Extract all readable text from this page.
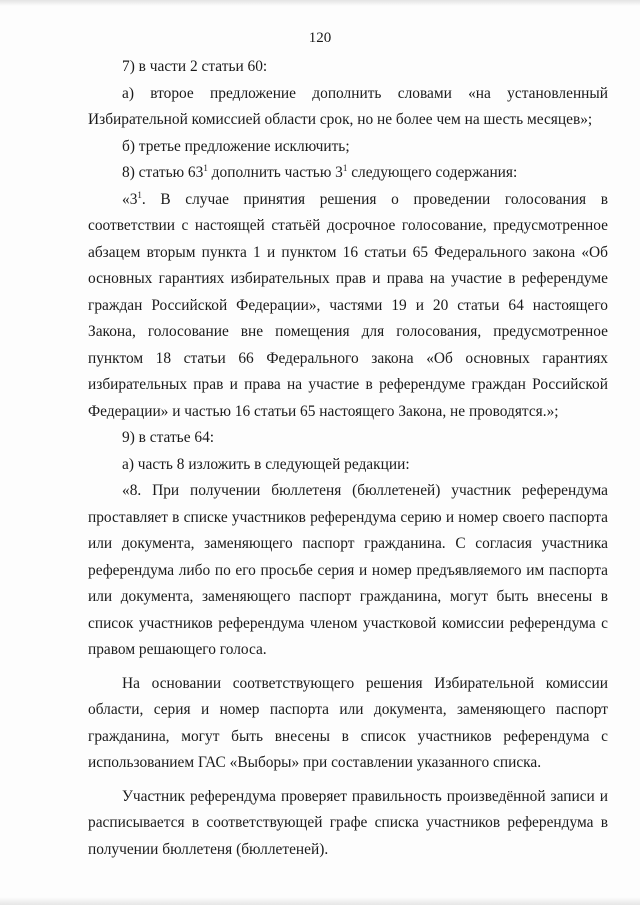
120

7) в части 2 статьи 60:

а) второе предложение дополнить словами «на установленный Избирательной комиссией области срок, но не более чем на шесть месяцев»;

б) третье предложение исключить;

8) статью $63^1$ дополнить частью $3^1$ следующего содержания:

«$3^1$. В случае принятия решения о проведении голосования в соответствии с настоящей статьёй досрочное голосование, предусмотренное абзацем вторым пункта 1 и пунктом 16 статьи 65 Федерального закона «Об основных гарантиях избирательных прав и права на участие в референдуме граждан Российской Федерации», частями 19 и 20 статьи 64 настоящего Закона, голосование вне помещения для голосования, предусмотренное пунктом 18 статьи 66 Федерального закона «Об основных гарантиях избирательных прав и права на участие в референдуме граждан Российской Федерации» и частью 16 статьи 65 настоящего Закона, не проводятся.»;

9) в статье 64:

а) часть 8 изложить в следующей редакции:

«8. При получении бюллетеня (бюллетеней) участник референдума проставляет в списке участников референдума серию и номер своего паспорта или документа, заменяющего паспорт гражданина. С согласия участника референдума либо по его просьбе серия и номер предъявляемого им паспорта или документа, заменяющего паспорт гражданина, могут быть внесены в список участников референдума членом участковой комиссии референдума с правом решающего голоса.

На основании соответствующего решения Избирательной комиссии области, серия и номер паспорта или документа, заменяющего паспорт гражданина, могут быть внесены в список участников референдума с использованием ГАС «Выборы» при составлении указанного списка.

Участник референдума проверяет правильность произведённой записи и расписывается в соответствующей графе списка участников референдума в получении бюллетеня (бюллетеней).
